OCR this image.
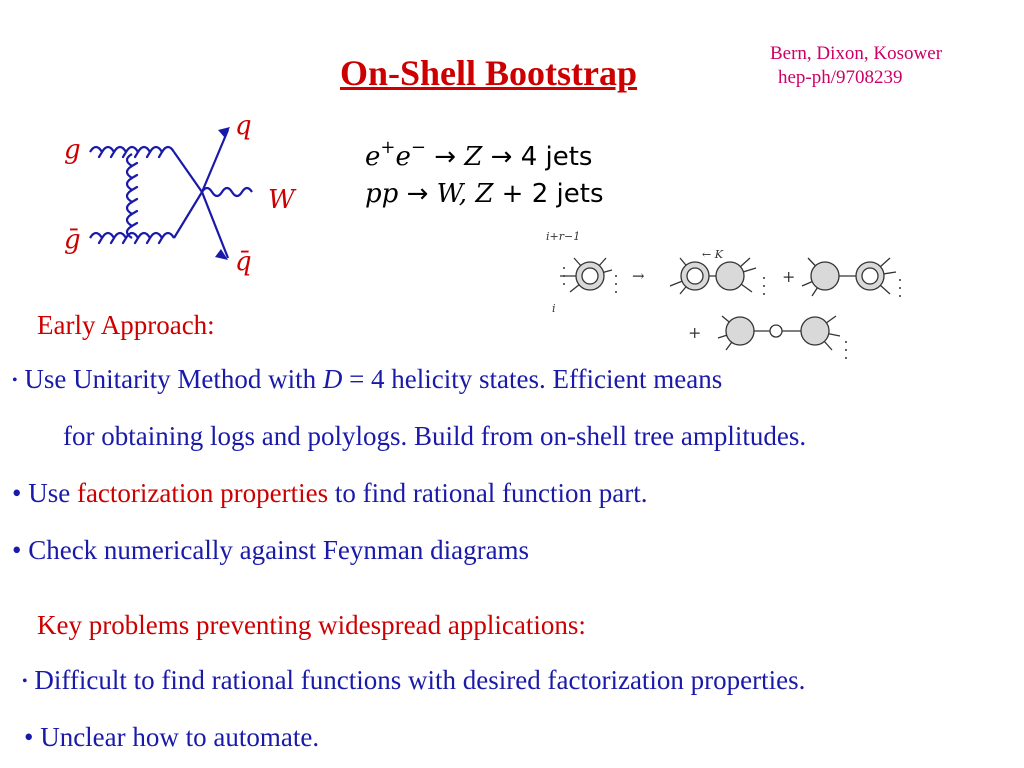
On-Shell Bootstrap	Bern, Dixon, Kosower
hep-ph/9708239
g
ḡ
q
q̄
W
e+e− → Z → 4 jets
pp → W, Z + 2 jets
i+r−1
i
→
← K
+
+
Early Approach:
• Use Unitarity Method with D = 4 helicity states. Efficient means
for obtaining logs and polylogs. Build from on-shell tree amplitudes.
• Use factorization properties to find rational function part.
• Check numerically against Feynman diagrams
Key problems preventing widespread applications:
• Difficult to find rational functions with desired factorization properties.
• Unclear how to automate.
